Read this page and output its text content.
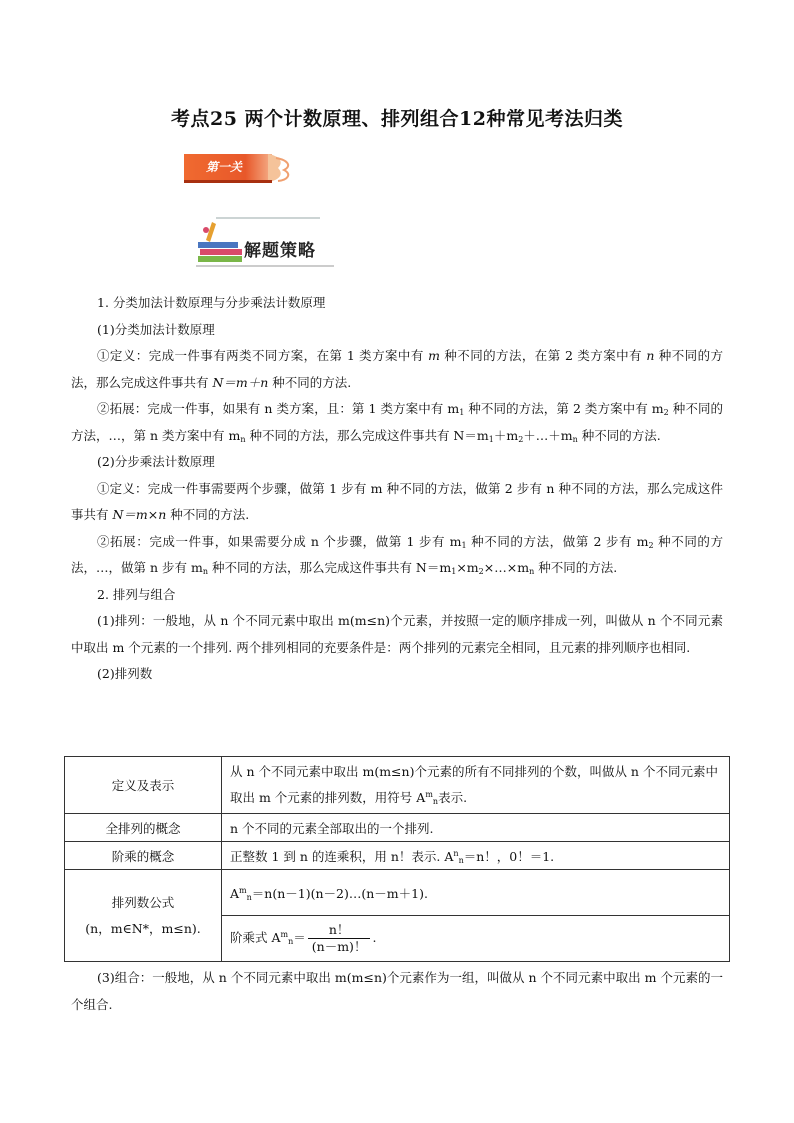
考点25 两个计数原理、排列组合12种常见考法归类
第一关
解题策略

1. 分类加法计数原理与分步乘法计数原理

(1)分类加法计数原理

①定义：完成一件事有两类不同方案，在第 1 类方案中有 m 种不同的方法，在第 2 类方案中有 n 种不同的方法，那么完成这件事共有 N＝m＋n 种不同的方法.

②拓展：完成一件事，如果有 n 类方案，且：第 1 类方案中有 $m_1$ 种不同的方法，第 2 类方案中有 $m_2$ 种不同的方法，…，第 n 类方案中有 $m_n$ 种不同的方法，那么完成这件事共有 $N=m_1+m_2+\dots+m_n$ 种不同的方法.

(2)分步乘法计数原理

①定义：完成一件事需要两个步骤，做第 1 步有 m 种不同的方法，做第 2 步有 n 种不同的方法，那么完成这件事共有 N＝m×n 种不同的方法.

②拓展：完成一件事，如果需要分成 n 个步骤，做第 1 步有 $m_1$ 种不同的方法，做第 2 步有 $m_2$ 种不同的方法，…，做第 n 步有 $m_n$ 种不同的方法，那么完成这件事共有 $N=m_1\times m_2\times\dots\times m_n$ 种不同的方法.

2. 排列与组合

(1)排列：一般地，从 n 个不同元素中取出 m(m≤n)个元素，并按照一定的顺序排成一列，叫做从 n 个不同元素中取出 m 个元素的一个排列. 两个排列相同的充要条件是：两个排列的元素完全相同，且元素的排列顺序也相同.

(2)排列数

定义及表示	从 n 个不同元素中取出 m(m≤n)个元素的所有不同排列的个数，叫做从 n 个不同元素中取出 m 个元素的排列数，用符号 $A^m_n$表示.
全排列的概念	n 个不同的元素全部取出的一个排列.
阶乘的概念	正整数 1 到 n 的连乘积，用 n！表示. $A^n_n=n$！，0！＝1.
排列数公式
(n，m∈N*，m≤n).	$A^m_n=n(n-1)(n-2)\dots(n-m+1)$.
	阶乘式 $A^m_n= \frac{n!}{(n-m)!}$ .

(3)组合：一般地，从 n 个不同元素中取出 m(m≤n)个元素作为一组，叫做从 n 个不同元素中取出 m 个元素的一个组合.
